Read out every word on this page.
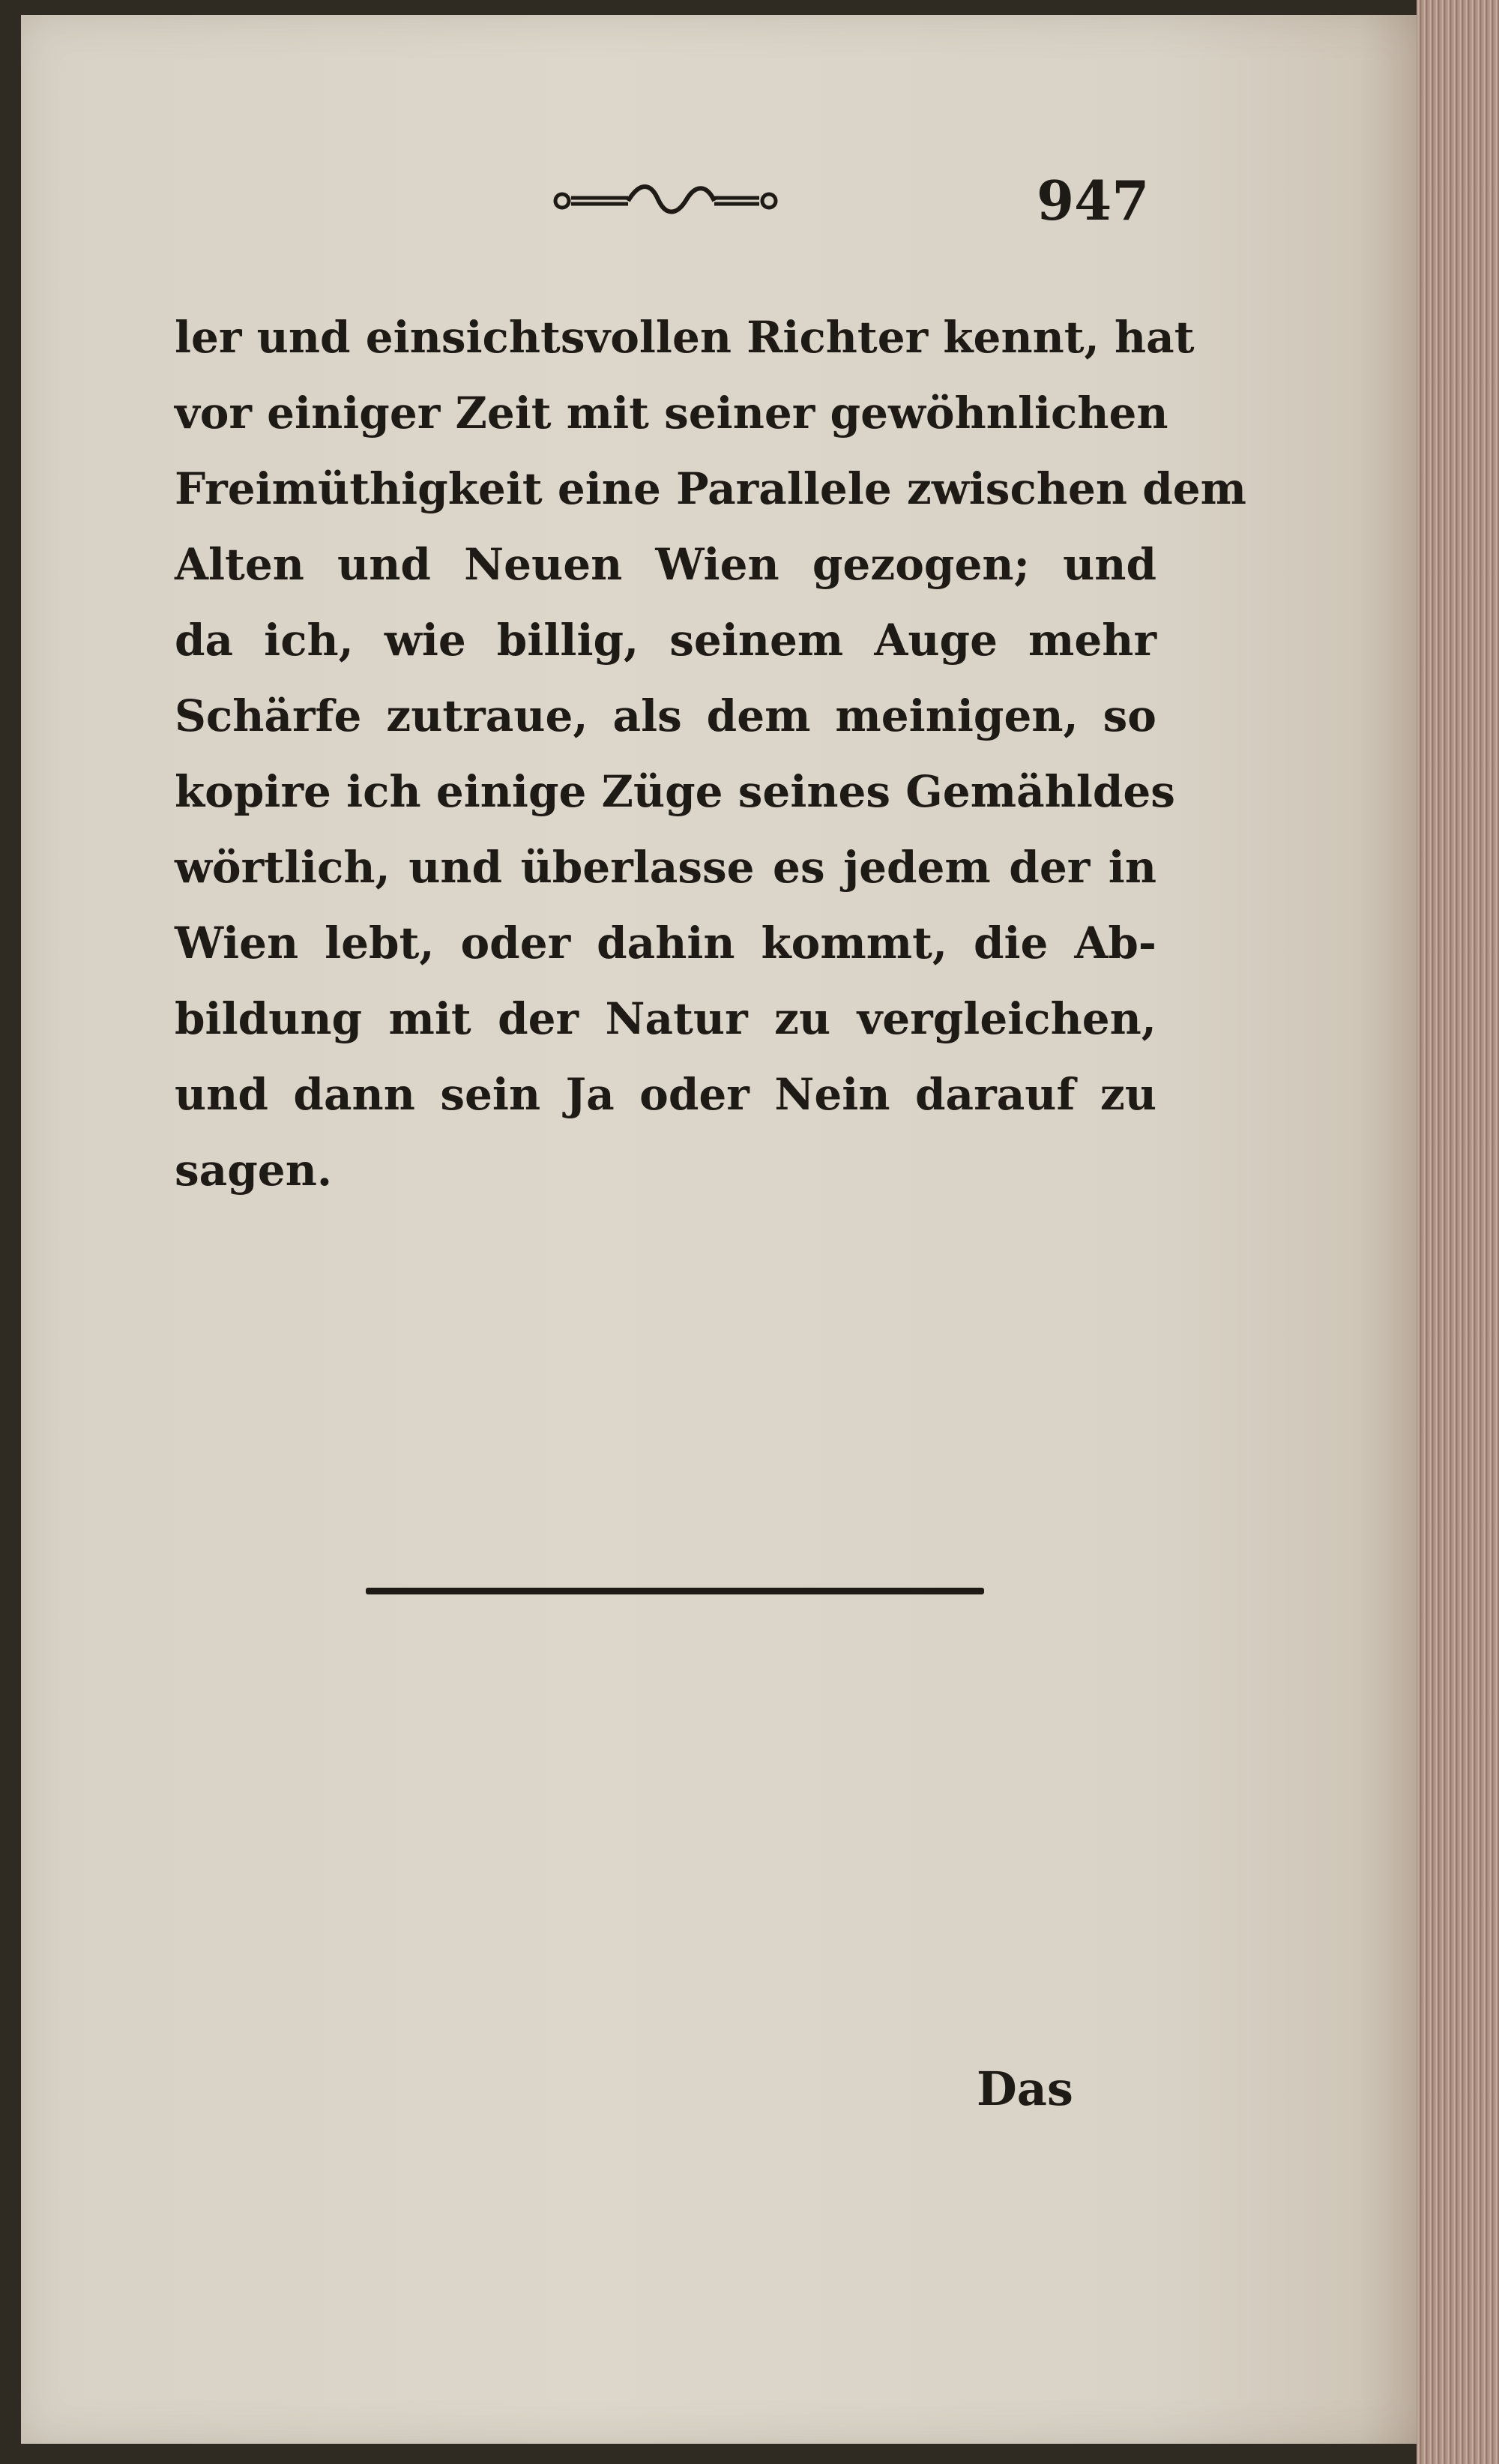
947
ler und einsichtsvollen Richter kennt, hat
vor einiger Zeit mit seiner gewöhnlichen
Freimüthigkeit eine Parallele zwischen dem
Alten und Neuen Wien gezogen; und
da ich, wie billig, seinem Auge mehr
Schärfe zutraue, als dem meinigen, so
kopire ich einige Züge seines Gemähldes
wörtlich, und überlasse es jedem der in
Wien lebt, oder dahin kommt, die Ab-
bildung mit der Natur zu vergleichen,
und dann sein Ja oder Nein darauf zu
sagen.
Das
